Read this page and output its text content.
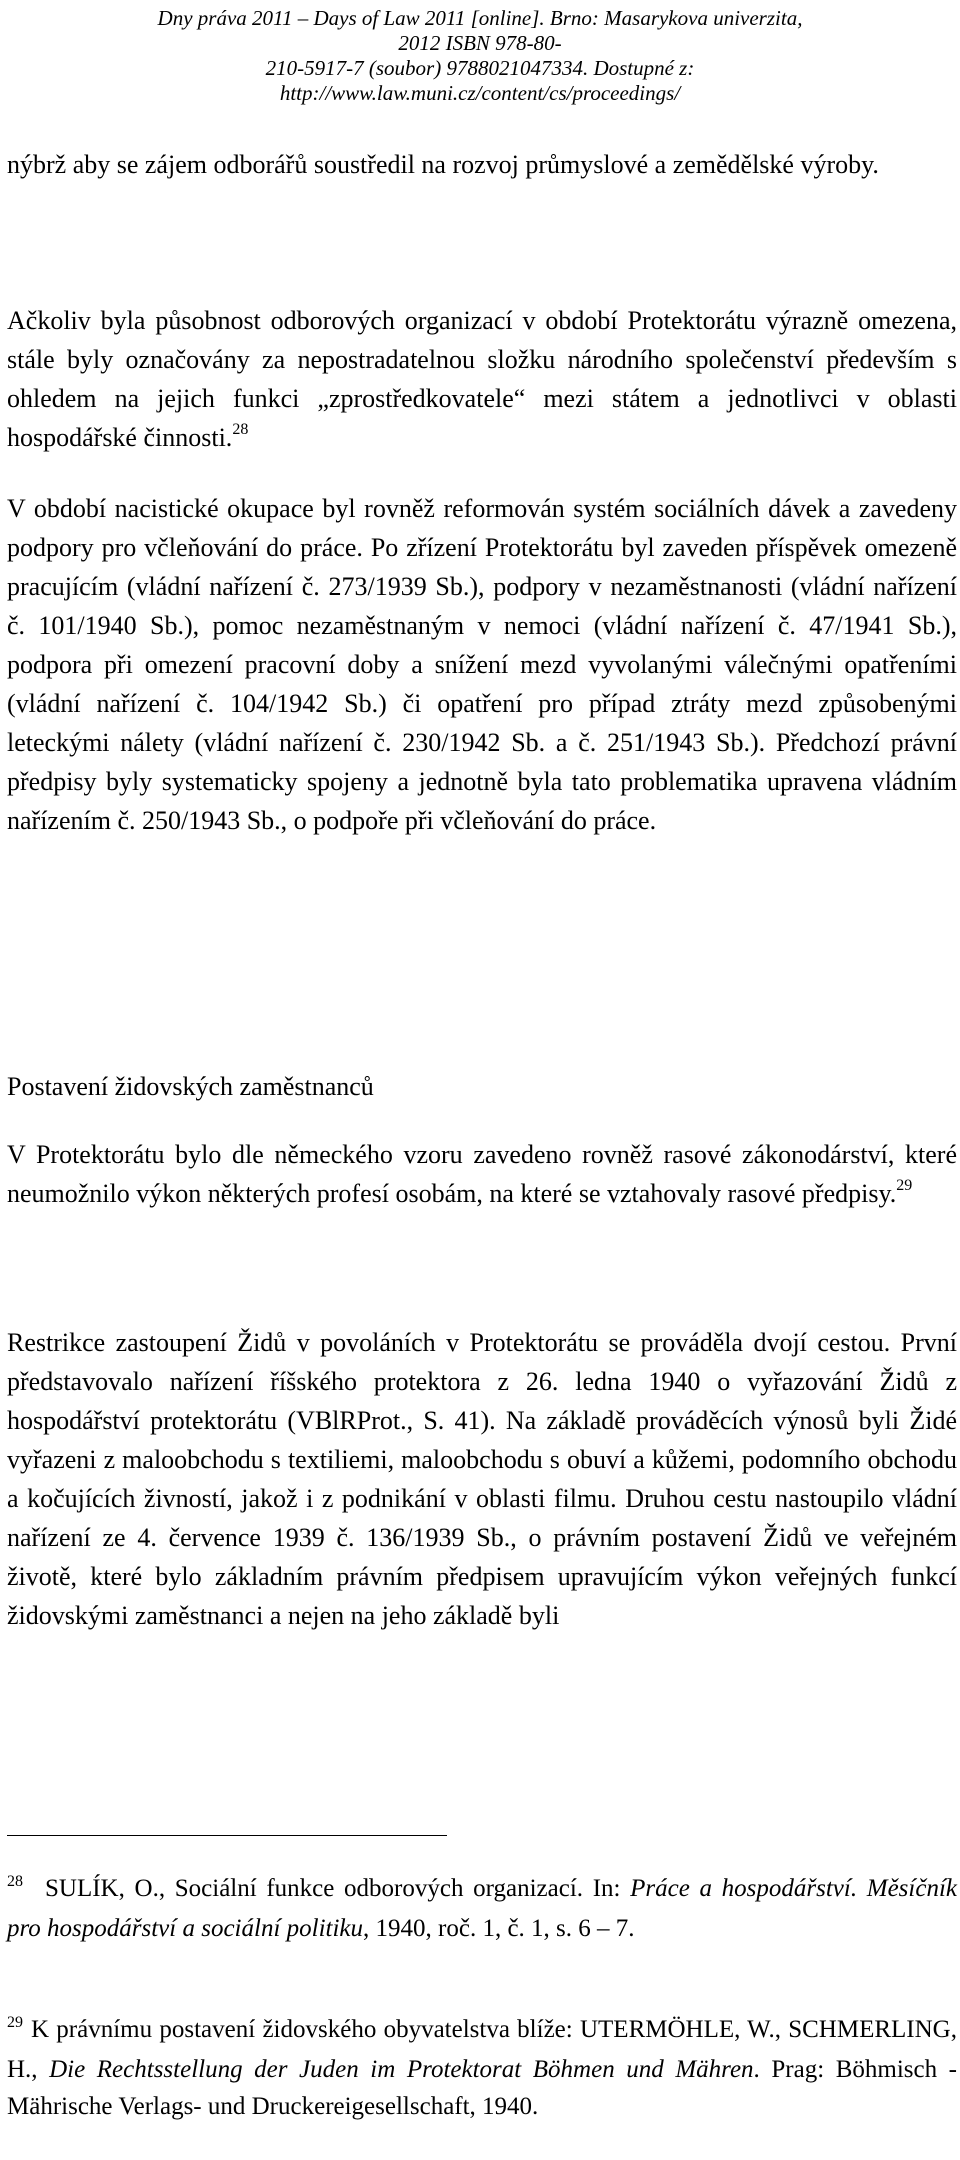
Dny práva 2011 – Days of Law 2011 [online]. Brno: Masarykova univerzita, 2012 ISBN 978-80-
210-5917-7 (soubor) 9788021047334. Dostupné z:
http://www.law.muni.cz/content/cs/proceedings/

nýbrž aby se zájem odborářů soustředil na rozvoj průmyslové a zemědělské výroby.

Ačkoliv byla působnost odborových organizací v období Protektorátu výrazně omezena, stále byly označovány za nepostradatelnou složku národního společenství především s ohledem na jejich funkci „zprostředkovatele“ mezi státem a jednotlivci v oblasti hospodářské činnosti.$^{28}$

V období nacistické okupace byl rovněž reformován systém sociálních dávek a zavedeny podpory pro včleňování do práce. Po zřízení Protektorátu byl zaveden příspěvek omezeně pracujícím (vládní nařízení č. 273/1939 Sb.), podpory v nezaměstnanosti (vládní nařízení č. 101/1940 Sb.), pomoc nezaměstnaným v nemoci (vládní nařízení č. 47/1941 Sb.), podpora při omezení pracovní doby a snížení mezd vyvolanými válečnými opatřeními (vládní nařízení č. 104/1942 Sb.) či opatření pro případ ztráty mezd způsobenými leteckými nálety (vládní nařízení č. 230/1942 Sb. a č. 251/1943 Sb.). Předchozí právní předpisy byly systematicky spojeny a jednotně byla tato problematika upravena vládním nařízením č. 250/1943 Sb., o podpoře při včleňování do práce.

Postavení židovských zaměstnanců

V Protektorátu bylo dle německého vzoru zavedeno rovněž rasové zákonodárství, které neumožnilo výkon některých profesí osobám, na které se vztahovaly rasové předpisy.$^{29}$

Restrikce zastoupení Židů v povoláních v Protektorátu se prováděla dvojí cestou. První představovalo nařízení říšského protektora z 26. ledna 1940 o vyřazování Židů z hospodářství protektorátu (VBlRProt., S. 41). Na základě prováděcích výnosů byli Židé vyřazeni z maloobchodu s textiliemi, maloobchodu s obuví a kůžemi, podomního obchodu a kočujících živností, jakož i z podnikání v oblasti filmu. Druhou cestu nastoupilo vládní nařízení ze 4. července 1939 č. 136/1939 Sb., o právním postavení Židů ve veřejném životě, které bylo základním právním předpisem upravujícím výkon veřejných funkcí židovskými zaměstnanci a nejen na jeho základě byli

$^{28}$ SULÍK, O., Sociální funkce odborových organizací. In: Práce a hospodářství. Měsíčník pro hospodářství a sociální politiku, 1940, roč. 1, č. 1, s. 6 – 7.

$^{29}$ K právnímu postavení židovského obyvatelstva blíže: UTERMÖHLE, W., SCHMERLING, H., Die Rechtsstellung der Juden im Protektorat Böhmen und Mähren. Prag: Böhmisch - Mährische Verlags- und Druckereigesellschaft, 1940.
